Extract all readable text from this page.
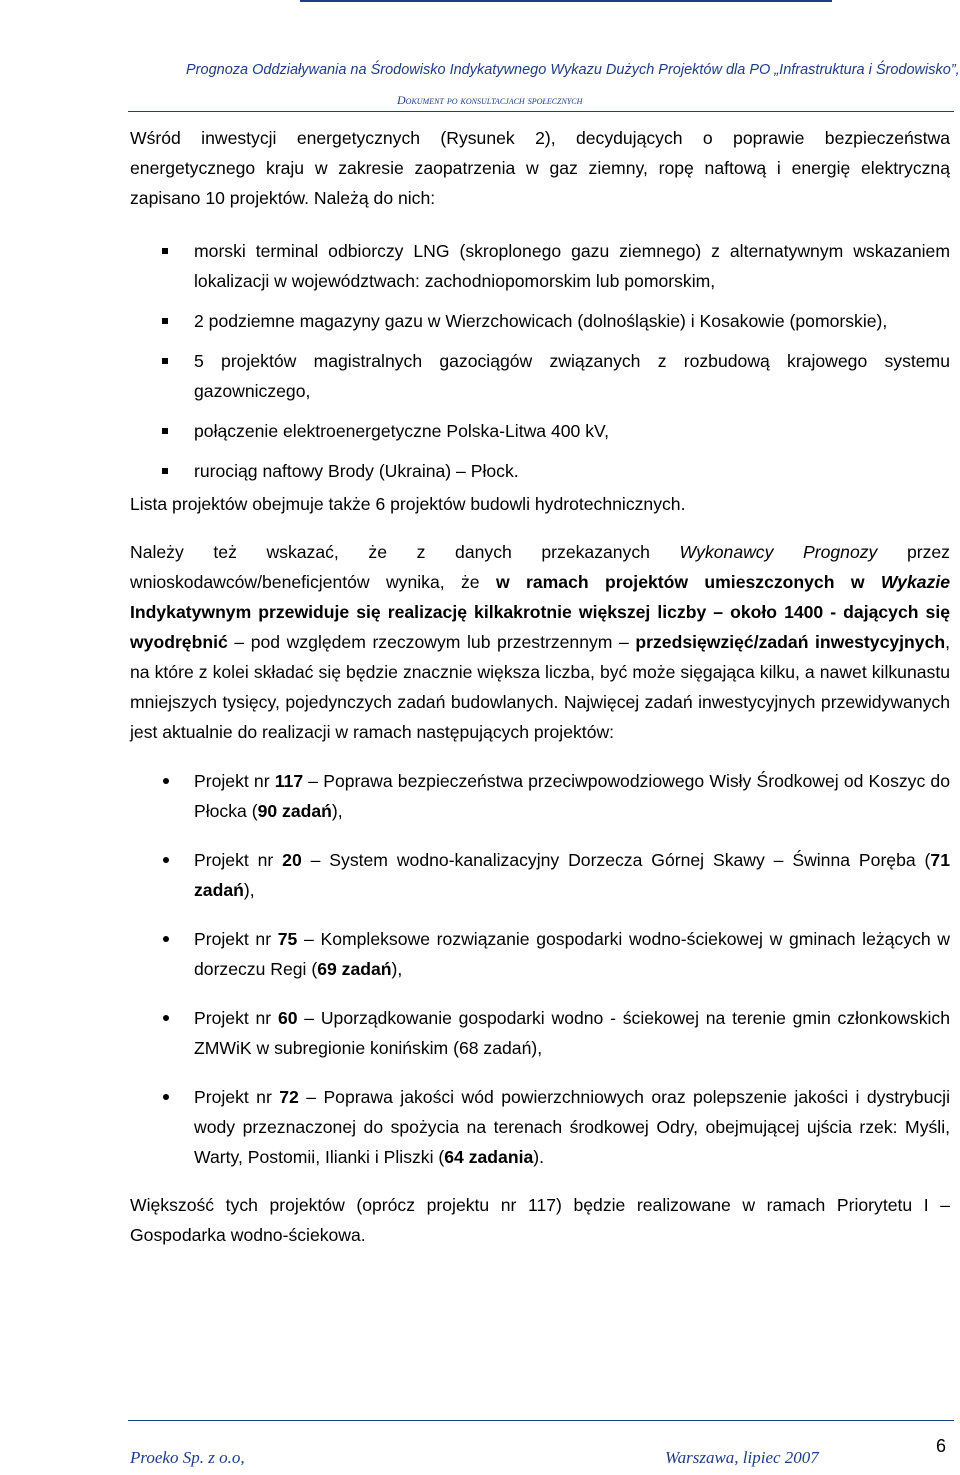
Prognoza Oddziaływania na Środowisko Indykatywnego Wykazu Dużych Projektów dla PO „Infrastruktura i Środowisko”,
Dokument po konsultacjach społecznych

Wśród inwestycji energetycznych (Rysunek 2), decydujących o poprawie bezpieczeństwa energetycznego kraju w zakresie zaopatrzenia w gaz ziemny, ropę naftową i energię elektryczną zapisano 10 projektów. Należą do nich:

morski terminal odbiorczy LNG (skroplonego gazu ziemnego) z alternatywnym wskazaniem lokalizacji w województwach: zachodniopomorskim lub pomorskim,
2 podziemne magazyny gazu w Wierzchowicach (dolnośląskie) i Kosakowie (pomorskie),
5 projektów magistralnych gazociągów związanych z rozbudową krajowego systemu gazowniczego,
połączenie elektroenergetyczne Polska-Litwa 400 kV,
rurociąg naftowy Brody (Ukraina) – Płock.

Lista projektów obejmuje także 6 projektów budowli hydrotechnicznych.

Należy też wskazać, że z danych przekazanych Wykonawcy Prognozy przez wnioskodawców/beneficjentów wynika, że w ramach projektów umieszczonych w Wykazie Indykatywnym przewiduje się realizację kilkakrotnie większej liczby – około 1400 - dających się wyodrębnić – pod względem rzeczowym lub przestrzennym – przedsięwzięć/zadań inwestycyjnych, na które z kolei składać się będzie znacznie większa liczba, być może sięgająca kilku, a nawet kilkunastu mniejszych tysięcy, pojedynczych zadań budowlanych. Najwięcej zadań inwestycyjnych przewidywanych jest aktualnie do realizacji w ramach następujących projektów:

Projekt nr 117 – Poprawa bezpieczeństwa przeciwpowodziowego Wisły Środkowej od Koszyc do Płocka (90 zadań),
Projekt nr 20 – System wodno-kanalizacyjny Dorzecza Górnej Skawy – Świnna Poręba (71 zadań),
Projekt nr 75 – Kompleksowe rozwiązanie gospodarki wodno-ściekowej w gminach leżących w dorzeczu Regi (69 zadań),
Projekt nr 60 – Uporządkowanie gospodarki wodno - ściekowej na terenie gmin członkowskich ZMWiK w subregionie konińskim (68 zadań),
Projekt nr 72 – Poprawa jakości wód powierzchniowych oraz polepszenie jakości i dystrybucji wody przeznaczonej do spożycia na terenach środkowej Odry, obejmującej ujścia rzek: Myśli, Warty, Postomii, Ilianki i Pliszki (64 zadania).

Większość tych projektów (oprócz projektu nr 117) będzie realizowane w ramach Priorytetu I – Gospodarka wodno-ściekowa.

Proeko Sp. z o.o,	Warszawa, lipiec 2007
6
